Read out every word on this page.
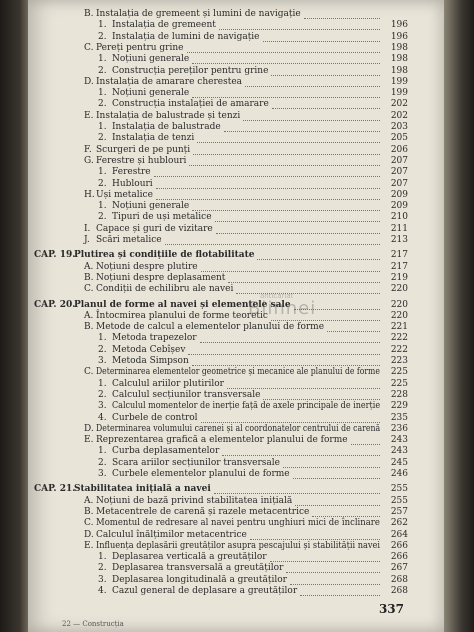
B. Instalația de gremeent și lumini de navigație
1. Instalația de gremeent	196
2. Instalația de lumini de navigație	196
C. Pereți pentru grine	198
1. Noțiuni generale	198
2. Construcția pereților pentru grine	198
D. Instalația de amarare cherestea	199
1. Noțiuni generale	199
2. Construcția instalației de amarare	202
E. Instalația de balustrade și tenzi	202
1. Instalația de balustrade	203
2. Instalația de tenzi	205
F. Scurgeri de pe punți	206
G. Ferestre și hublouri	207
1. Ferestre	207
2. Hublouri	207
H. Uși metalice	209
1. Noțiuni generale	209
2. Tipuri de uși metalice	210
I. Capace și guri de vizitare	211
J. Scări metalice	213
CAP. 19.
Plutirea și condițiile de flotabilitate	217
A. Noțiuni despre plutire	217
B. Noțiuni despre deplasament	219
C. Condiții de echilibru ale navei	220
CAP. 20.
Planul de forme al navei și elementele sale	220
A. Întocmirea planului de forme teoretic	220
B. Metode de calcul a elementelor planului de forme	221
1. Metoda trapezelor	222
2. Metoda Cebîșev	222
3. Metoda Simpson	223
C. Determinarea elementelor geometrice și mecanice ale planului de forme 225
1. Calculul ariilor plutirilor	225
2. Calculul secțiunilor transversale	228
3. Calculul momentelor de inerție față de axele principale de inerție 229
4. Curbele de control	235
D. Determinarea volumului carenei și al coordonatelor centrului de carenă 236
E. Reprezentarea grafică a elementelor planului de forme	243
1. Curba deplasamentelor	243
2. Scara ariilor secțiunilor transversale	245
3. Curbele elementelor planului de forme	246
CAP. 21.
Stabilitatea inițială a navei	255
A. Noțiuni de bază privind stabilitatea inițială	255
B. Metacentrele de carenă și razele metacentrice	257
C. Momentul de redresare al navei pentru unghiuri mici de înclinare 262
D. Calculul înălțimilor metacentrice	264
E. Influența deplasării greutăților asupra pescajului și stabilității navei 266
1. Deplasarea verticală a greutăților	266
2. Deplasarea transversală a greutăților	267
3. Deplasarea longitudinală a greutăților	268
4. Cazul general de deplasare a greutăților	268
anticariat
Blinnei
337
22 — Construcția
